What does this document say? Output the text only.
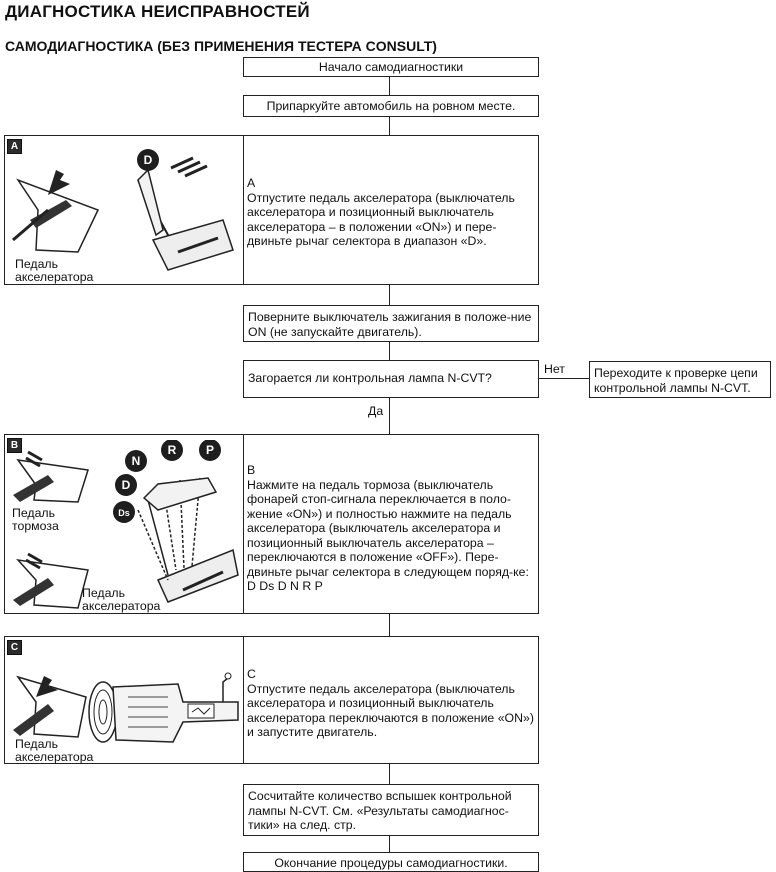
ДИАГНОСТИКА НЕИСПРАВНОСТЕЙ
САМОДИАГНОСТИКА (БЕЗ ПРИМЕНЕНИЯ ТЕСТЕРА CONSULT)
Начало самодиагностики
Припаркуйте автомобиль на ровном месте.
A
D
Педаль
акселератора
A
Отпустите педаль акселератора (выключатель акселератора и позиционный выключатель акселератора – в положении «ON») и пере-двиньте рычаг селектора в диапазон «D».
Поверните выключатель зажигания в положе-ние ON (не запускайте двигатель).
Загорается ли контрольная лампа N-CVT?
Нет	Переходите к проверке цепи контрольной лампы N-CVT.
Да
B	P
R
N
D
Ds
Педаль
тормоза
Педаль
акселератора
B
Нажмите на педаль тормоза (выключатель фонарей стоп-сигнала переключается в поло-жение «ON») и полностью нажмите на педаль акселератора (выключатель акселератора и позиционный выключатель акселератора – переключаются в положение «OFF»). Пере-двиньте рычаг селектора в следующем поряд-ке: D Ds D N R P
C
Педаль
акселератора
C
Отпустите педаль акселератора (выключатель акселератора и позиционный выключатель акселератора переключаются в положение «ON») и запустите двигатель.
Сосчитайте количество вспышек контрольной лампы N-CVT. См. «Результаты самодиагнос-тики» на след. стр.
Окончание процедуры самодиагностики.
